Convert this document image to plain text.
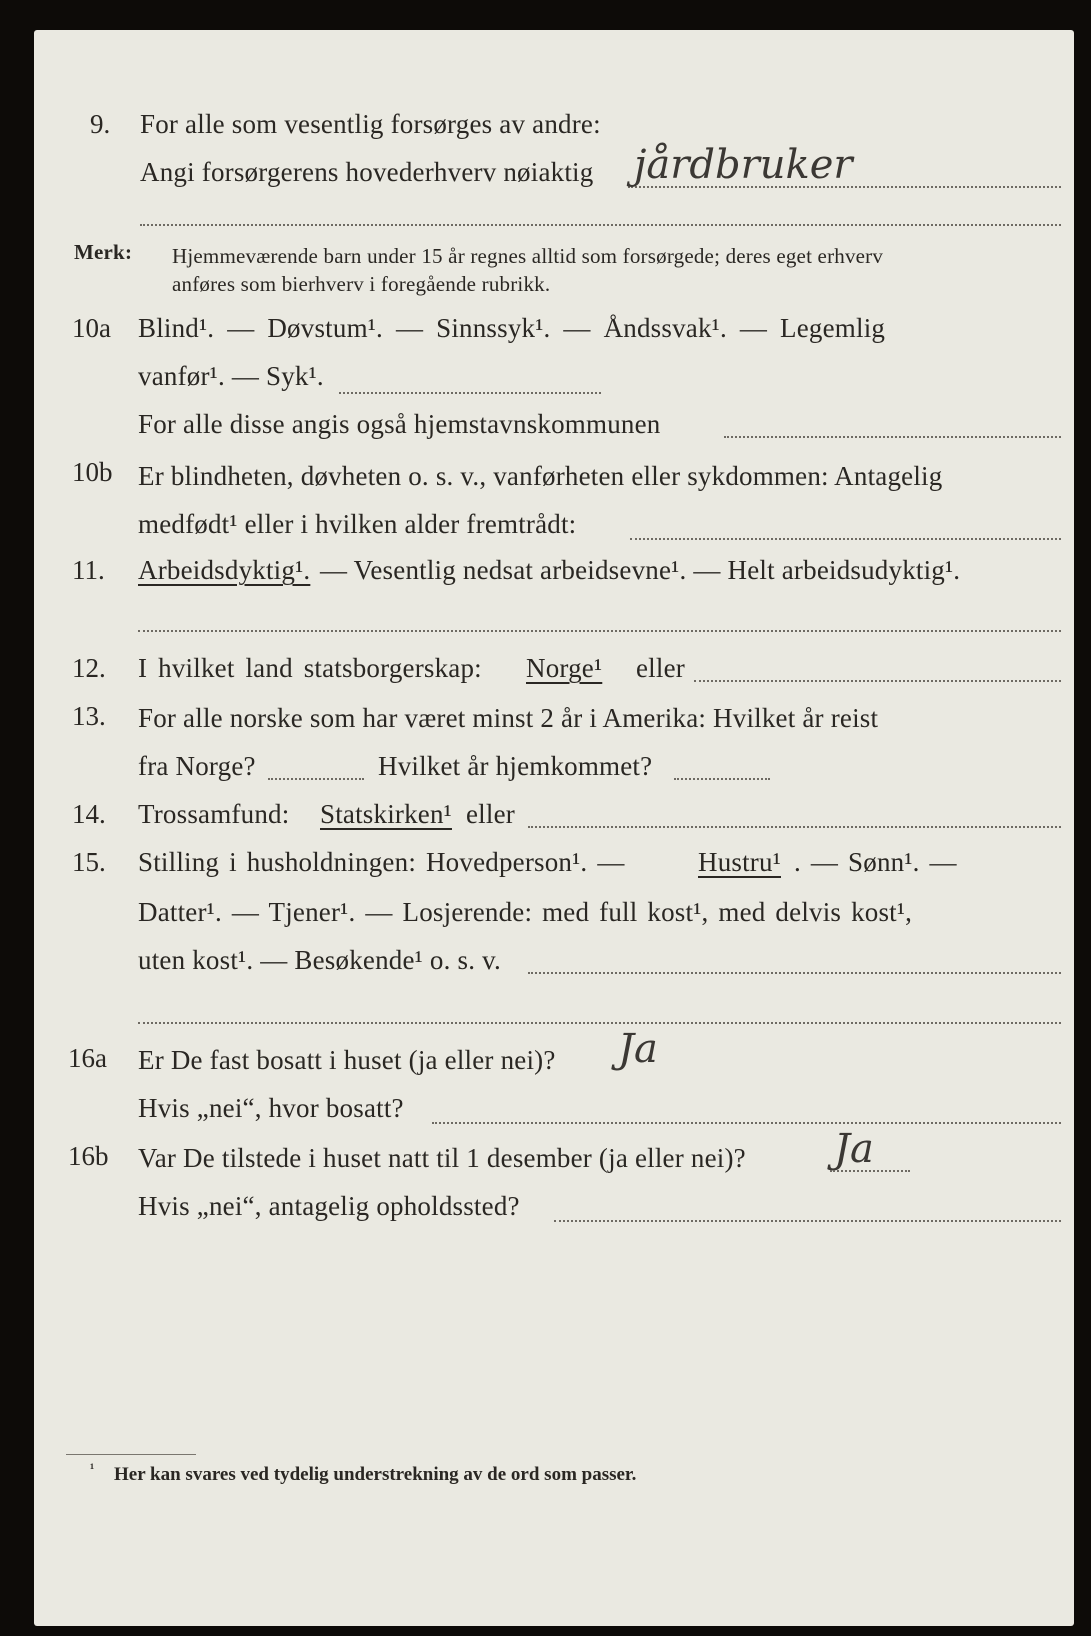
9. For alle som vesentlig forsørges av andre:
Angi forsørgerens hovederhverv nøiaktig jårdbruker
Merk: Hjemmeværende barn under 15 år regnes alltid som forsørgede; deres eget erhverv
anføres som bierhverv i foregående rubrikk.
10a Blind¹. — Døvstum¹. — Sinnssyk¹. — Åndssvak¹. — Legemlig
vanfør¹. — Syk¹.
For alle disse angis også hjemstavnskommunen
10b Er blindheten, døvheten o. s. v., vanførheten eller sykdommen: Antagelig
medfødt¹ eller i hvilken alder fremtrådt:
11. Arbeidsdyktig¹. — Vesentlig nedsat arbeidsevne¹. — Helt arbeidsudyktig¹.
12. I hvilket land statsborgerskap: Norge¹ eller
13. For alle norske som har været minst 2 år i Amerika: Hvilket år reist
fra Norge?	Hvilket år hjemkommet?
14. Trossamfund: Statskirken¹ eller
15. Stilling i husholdningen: Hovedperson¹. —	Hustru¹ . — Sønn¹. —
Datter¹. — Tjener¹. — Losjerende: med full kost¹, med delvis kost¹,
uten kost¹. — Besøkende¹ o. s. v.
16a Er De fast bosatt i huset (ja eller nei)? Ja
Hvis „nei“, hvor bosatt?
16b Var De tilstede i huset natt til 1 desember (ja eller nei)? Ja
Hvis „nei“, antagelig opholdssted?
¹ Her kan svares ved tydelig understrekning av de ord som passer.
